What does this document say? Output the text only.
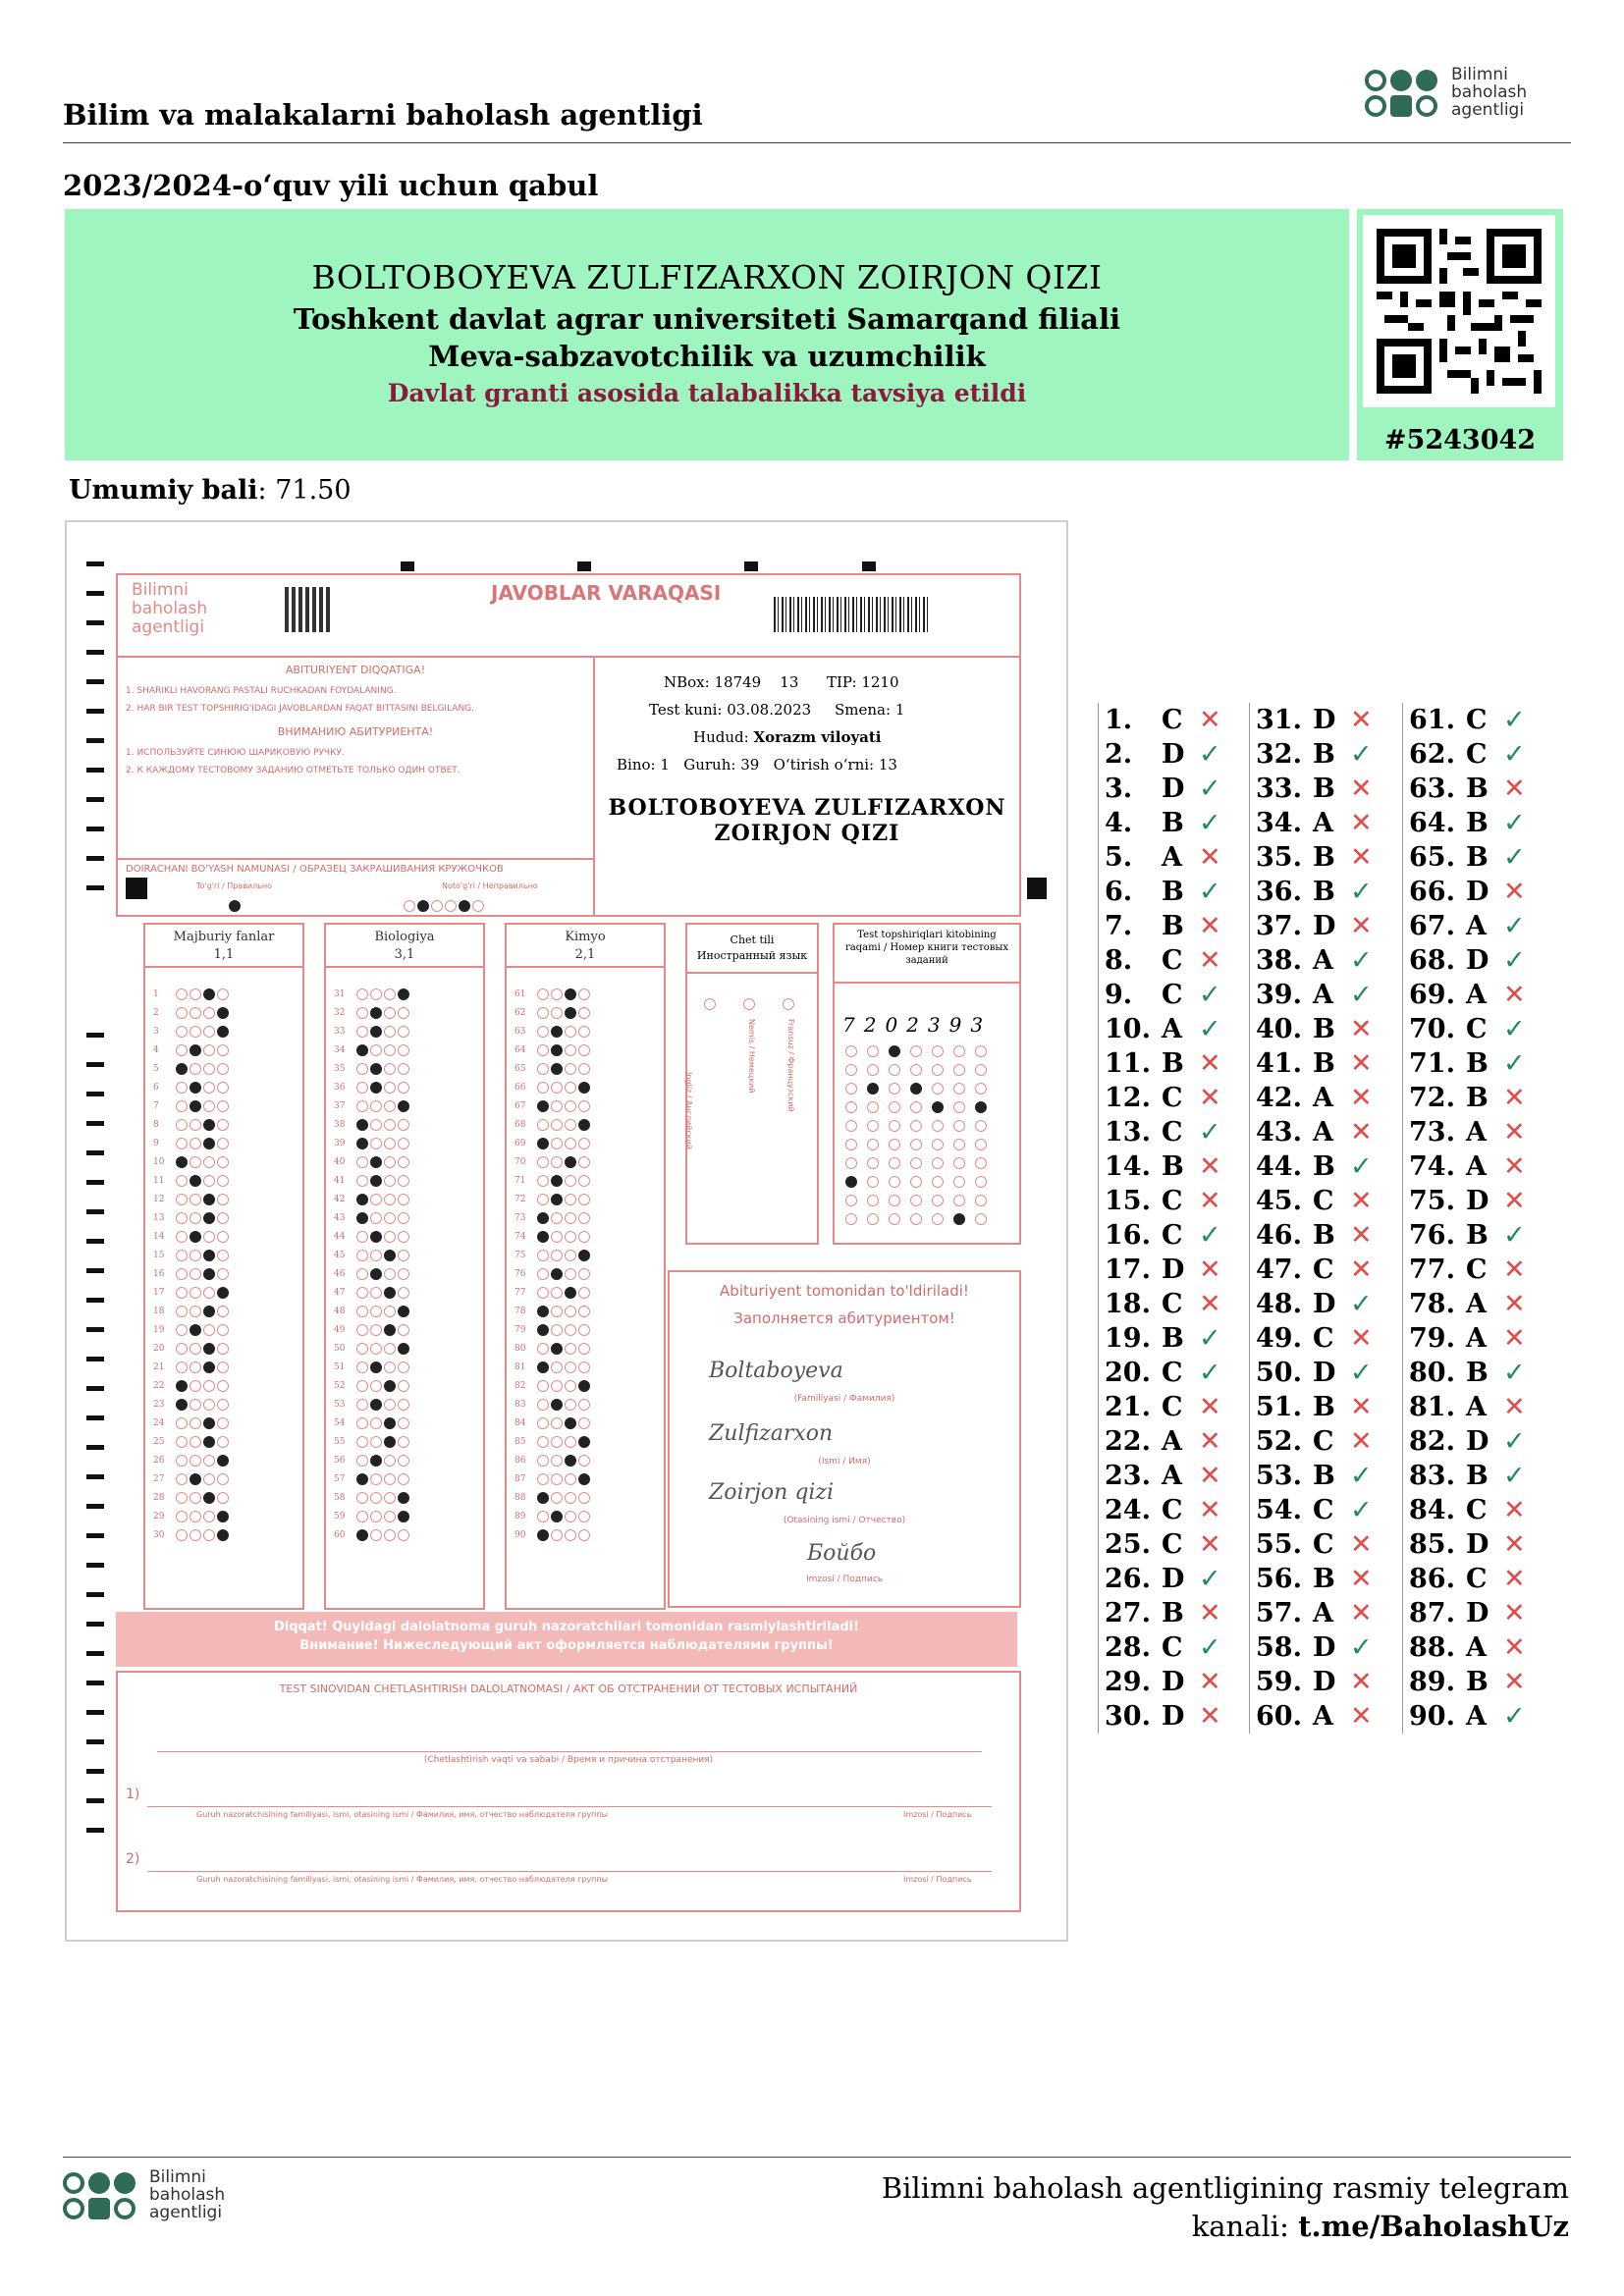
Bilim va malakalarni baholash agentligi
Bilimni
baholash
agentligi
2023/2024-o‘quv yili uchun qabul
BOLTOBOYEVA ZULFIZARXON ZOIRJON QIZI
Toshkent davlat agrar universiteti Samarqand filiali
Meva-sabzavotchilik va uzumchilik
Davlat granti asosida talabalikka tavsiya etildi
#5243042
Umumiy bali: 71.50
Bilimni
baholash
agentligi
JAVOBLAR VARAQASI
ABITURIYENT DIQQATIGA!
1. SHARIKLI HAVORANG PASTALI RUCHKADAN FOYDALANING.
2. HAR BIR TEST TOPSHIRIG'IDAGI JAVOBLARDAN FAQAT BITTASINI BELGILANG.
ВНИМАНИЮ АБИТУРИЕНТА!
1. ИСПОЛЬЗУЙТЕ СИНЮЮ ШАРИКОВУЮ РУЧКУ.
2. К КАЖДОМУ ТЕСТОВОМУ ЗАДАНИЮ ОТМЕТЬТЕ ТОЛЬКО ОДИН ОТВЕТ.
DOIRACHANI BO'YASH NAMUNASI / ОБРАЗЕЦ ЗАКРАШИВАНИЯ КРУЖОЧКОВ
To'g'ri / Правильно	Noto'g'ri / Неправильно
NBox: 18749 13 TIP: 1210
Test kuni: 03.08.2023 Smena: 1
Hudud: Xorazm viloyati
Bino: 1 Guruh: 39 O‘tirish o‘rni: 13
BOLTOBOYEVA ZULFIZARXON
ZOIRJON QIZI
Majburiy fanlar
1,1
1
2
3
4
5
6
7
8
9
10
11
12
13
14
15
16
17
18
19
20
21
22
23
24
25
26
27
28
29
30
Biologiya
3,1
31
32
33
34
35
36
37
38
39
40
41
42
43
44
45
46
47
48
49
50
51
52
53
54
55
56
57
58
59
60
Kimyo
2,1
61
62
63
64
65
66
67
68
69
70
71
72
73
74
75
76
77
78
79
80
81
82
83
84
85
86
87
88
89
90
Chet tili
Иностранный язык
Ingliz / Английский
Nemis / Немецкий	Fransuz / Французский
Test topshiriqlari kitobining raqami / Номер книги тестовых заданий
7202393
Abituriyent tomonidan to'ldiriladi!
Заполняется абитуриентом!
Boltaboyeva
(Familiyasi / Фамилия)
Zulfizarxon
(Ismi / Имя)
Zoirjon qizi
(Otasining ismi / Отчество)
Бойбо
Imzosi / Подпись
Diqqat! Quyidagi dalolatnoma guruh nazoratchilari tomonidan rasmiylashtiriladi!
Внимание! Нижеследующий акт оформляется наблюдателями группы!
TEST SINOVIDAN CHETLASHTIRISH DALOLATNOMASI / АКТ ОБ ОТСТРАНЕНИИ ОТ ТЕСТОВЫХ ИСПЫТАНИЙ
(Chetlashtirish vaqti va sababi / Время и причина отстранения)
1)
Guruh nazoratchisining familiyasi, ismi, otasining ismi / Фамилия, имя, отчество наблюдателя группы	Imzosi / Подпись
2)
Guruh nazoratchisining familiyasi, ismi, otasining ismi / Фамилия, имя, отчество наблюдателя группы	Imzosi / Подпись
1. C ✕
2. D ✓
3. D ✓
4. B ✓
5. A ✕
6. B ✓
7. B ✕
8. C ✕
9. C ✓
10. A ✓
11. B ✕
12. C ✕
13. C ✓
14. B ✕
15. C ✕
16. C ✓
17. D ✕
18. C ✕
19. B ✓
20. C ✓
21. C ✕
22. A ✕
23. A ✕
24. C ✕
25. C ✕
26. D ✓
27. B ✕
28. C ✓
29. D ✕
30. D ✕
31. D ✕
32. B ✓
33. B ✕
34. A ✕
35. B ✕
36. B ✓
37. D ✕
38. A ✓
39. A ✓
40. B ✕
41. B ✕
42. A ✕
43. A ✕
44. B ✓
45. C ✕
46. B ✕
47. C ✕
48. D ✓
49. C ✕
50. D ✓
51. B ✕
52. C ✕
53. B ✓
54. C ✓
55. C ✕
56. B ✕
57. A ✕
58. D ✓
59. D ✕
60. A ✕
61. C ✓
62. C ✓
63. B ✕
64. B ✓
65. B ✓
66. D ✕
67. A ✓
68. D ✓
69. A ✕
70. C ✓
71. B ✓
72. B ✕
73. A ✕
74. A ✕
75. D ✕
76. B ✓
77. C ✕
78. A ✕
79. A ✕
80. B ✓
81. A ✕
82. D ✓
83. B ✓
84. C ✕
85. D ✕
86. C ✕
87. D ✕
88. A ✕
89. B ✕
90. A ✓
Bilimni
baholash
agentligi
Bilimni baholash agentligining rasmiy telegram
kanali: t.me/BaholashUz
